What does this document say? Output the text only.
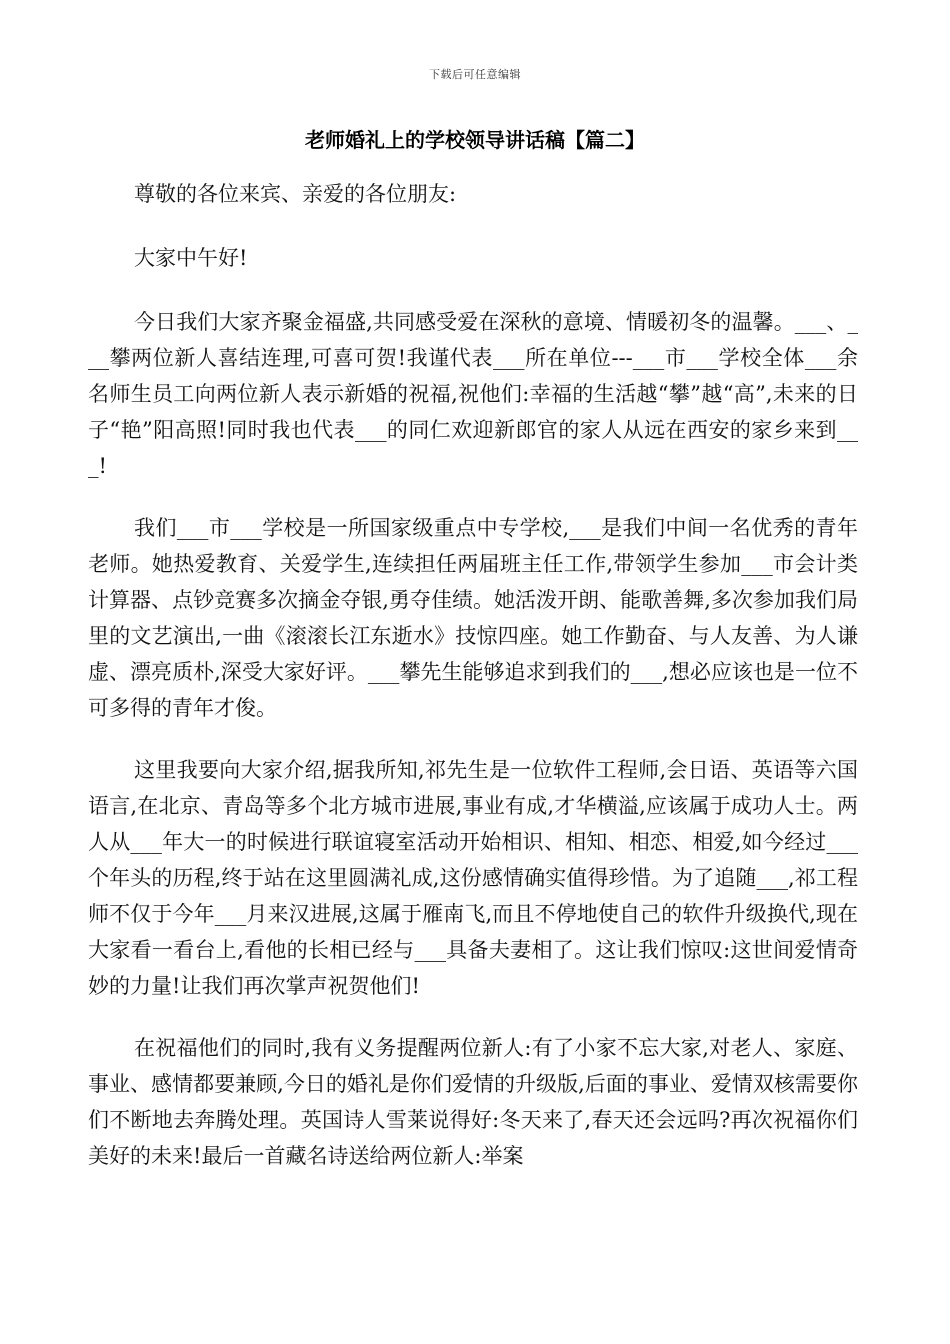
下载后可任意编辑
老师婚礼上的学校领导讲话稿【篇二】

尊敬的各位来宾、亲爱的各位朋友:

大家中午好!

今日我们大家齐聚金福盛,共同感受爱在深秋的意境、情暖初冬的温馨。___、___攀两位新人喜结连理,可喜可贺!我谨代表___所在单位---___市___学校全体___余名师生员工向两位新人表示新婚的祝福,祝他们:幸福的生活越“攀”越“高”,未来的日子“艳”阳高照!同时我也代表___的同仁欢迎新郎官的家人从远在西安的家乡来到___!

我们___市___学校是一所国家级重点中专学校,___是我们中间一名优秀的青年老师。她热爱教育、关爱学生,连续担任两届班主任工作,带领学生参加___市会计类计算器、点钞竞赛多次摘金夺银,勇夺佳绩。她活泼开朗、能歌善舞,多次参加我们局里的文艺演出,一曲《滚滚长江东逝水》技惊四座。她工作勤奋、与人友善、为人谦虚、漂亮质朴,深受大家好评。___攀先生能够追求到我们的___,想必应该也是一位不可多得的青年才俊。

这里我要向大家介绍,据我所知,祁先生是一位软件工程师,会日语、英语等六国语言,在北京、青岛等多个北方城市进展,事业有成,才华横溢,应该属于成功人士。两人从___年大一的时候进行联谊寝室活动开始相识、相知、相恋、相爱,如今经过___个年头的历程,终于站在这里圆满礼成,这份感情确实值得珍惜。为了追随___,祁工程师不仅于今年___月来汉进展,这属于雁南飞,而且不停地使自己的软件升级换代,现在大家看一看台上,看他的长相已经与___具备夫妻相了。这让我们惊叹:这世间爱情奇妙的力量!让我们再次掌声祝贺他们!

在祝福他们的同时,我有义务提醒两位新人:有了小家不忘大家,对老人、家庭、事业、感情都要兼顾,今日的婚礼是你们爱情的升级版,后面的事业、爱情双核需要你们不断地去奔腾处理。英国诗人雪莱说得好:冬天来了,春天还会远吗?再次祝福你们美好的未来!最后一首藏名诗送给两位新人:举案
